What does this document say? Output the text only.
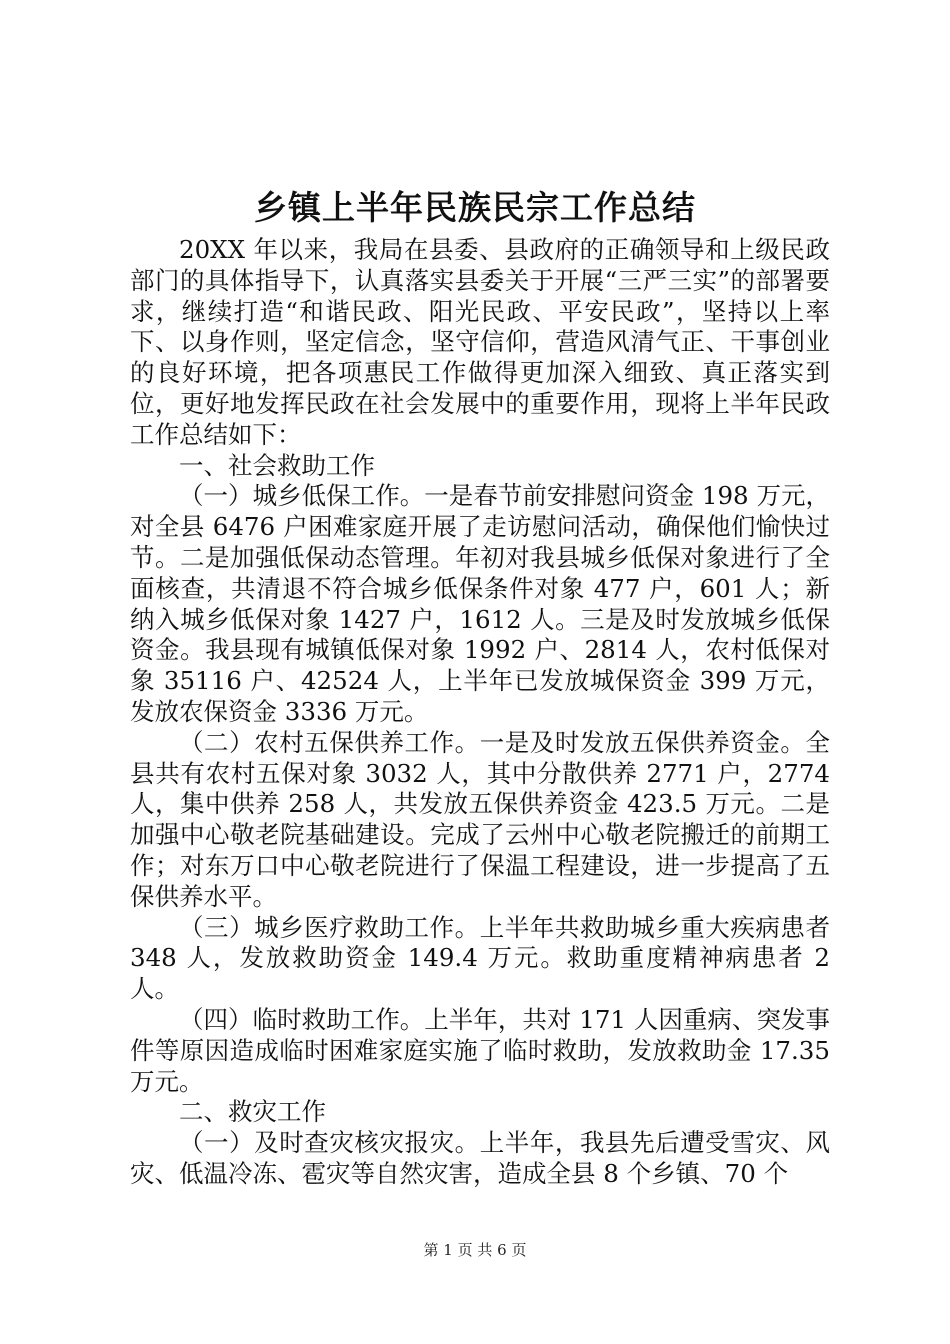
乡镇上半年民族民宗工作总结

20XX 年以来，我局在县委、县政府的正确领导和上级民政部门的具体指导下，认真落实县委关于开展“三严三实”的部署要求，继续打造“和谐民政、阳光民政、平安民政”，坚持以上率下、以身作则，坚定信念，坚守信仰，营造风清气正、干事创业的良好环境，把各项惠民工作做得更加深入细致、真正落实到位，更好地发挥民政在社会发展中的重要作用，现将上半年民政工作总结如下：

一、社会救助工作

（一）城乡低保工作。一是春节前安排慰问资金 198 万元，对全县 6476 户困难家庭开展了走访慰问活动，确保他们愉快过节。二是加强低保动态管理。年初对我县城乡低保对象进行了全面核查，共清退不符合城乡低保条件对象 477 户，601 人；新纳入城乡低保对象 1427 户，1612 人。三是及时发放城乡低保资金。我县现有城镇低保对象 1992 户、2814 人，农村低保对象 35116 户、42524 人，上半年已发放城保资金 399 万元，发放农保资金 3336 万元。

（二）农村五保供养工作。一是及时发放五保供养资金。全县共有农村五保对象 3032 人，其中分散供养 2771 户，2774 人，集中供养 258 人，共发放五保供养资金 423.5 万元。二是加强中心敬老院基础建设。完成了云州中心敬老院搬迁的前期工作；对东万口中心敬老院进行了保温工程建设，进一步提高了五保供养水平。

（三）城乡医疗救助工作。上半年共救助城乡重大疾病患者 348 人，发放救助资金 149.4 万元。救助重度精神病患者 2 人。

（四）临时救助工作。上半年，共对 171 人因重病、突发事件等原因造成临时困难家庭实施了临时救助，发放救助金 17.35 万元。

二、救灾工作

（一）及时查灾核灾报灾。上半年，我县先后遭受雪灾、风灾、低温冷冻、雹灾等自然灾害，造成全县 8 个乡镇、70 个

第 1 页 共 6 页
